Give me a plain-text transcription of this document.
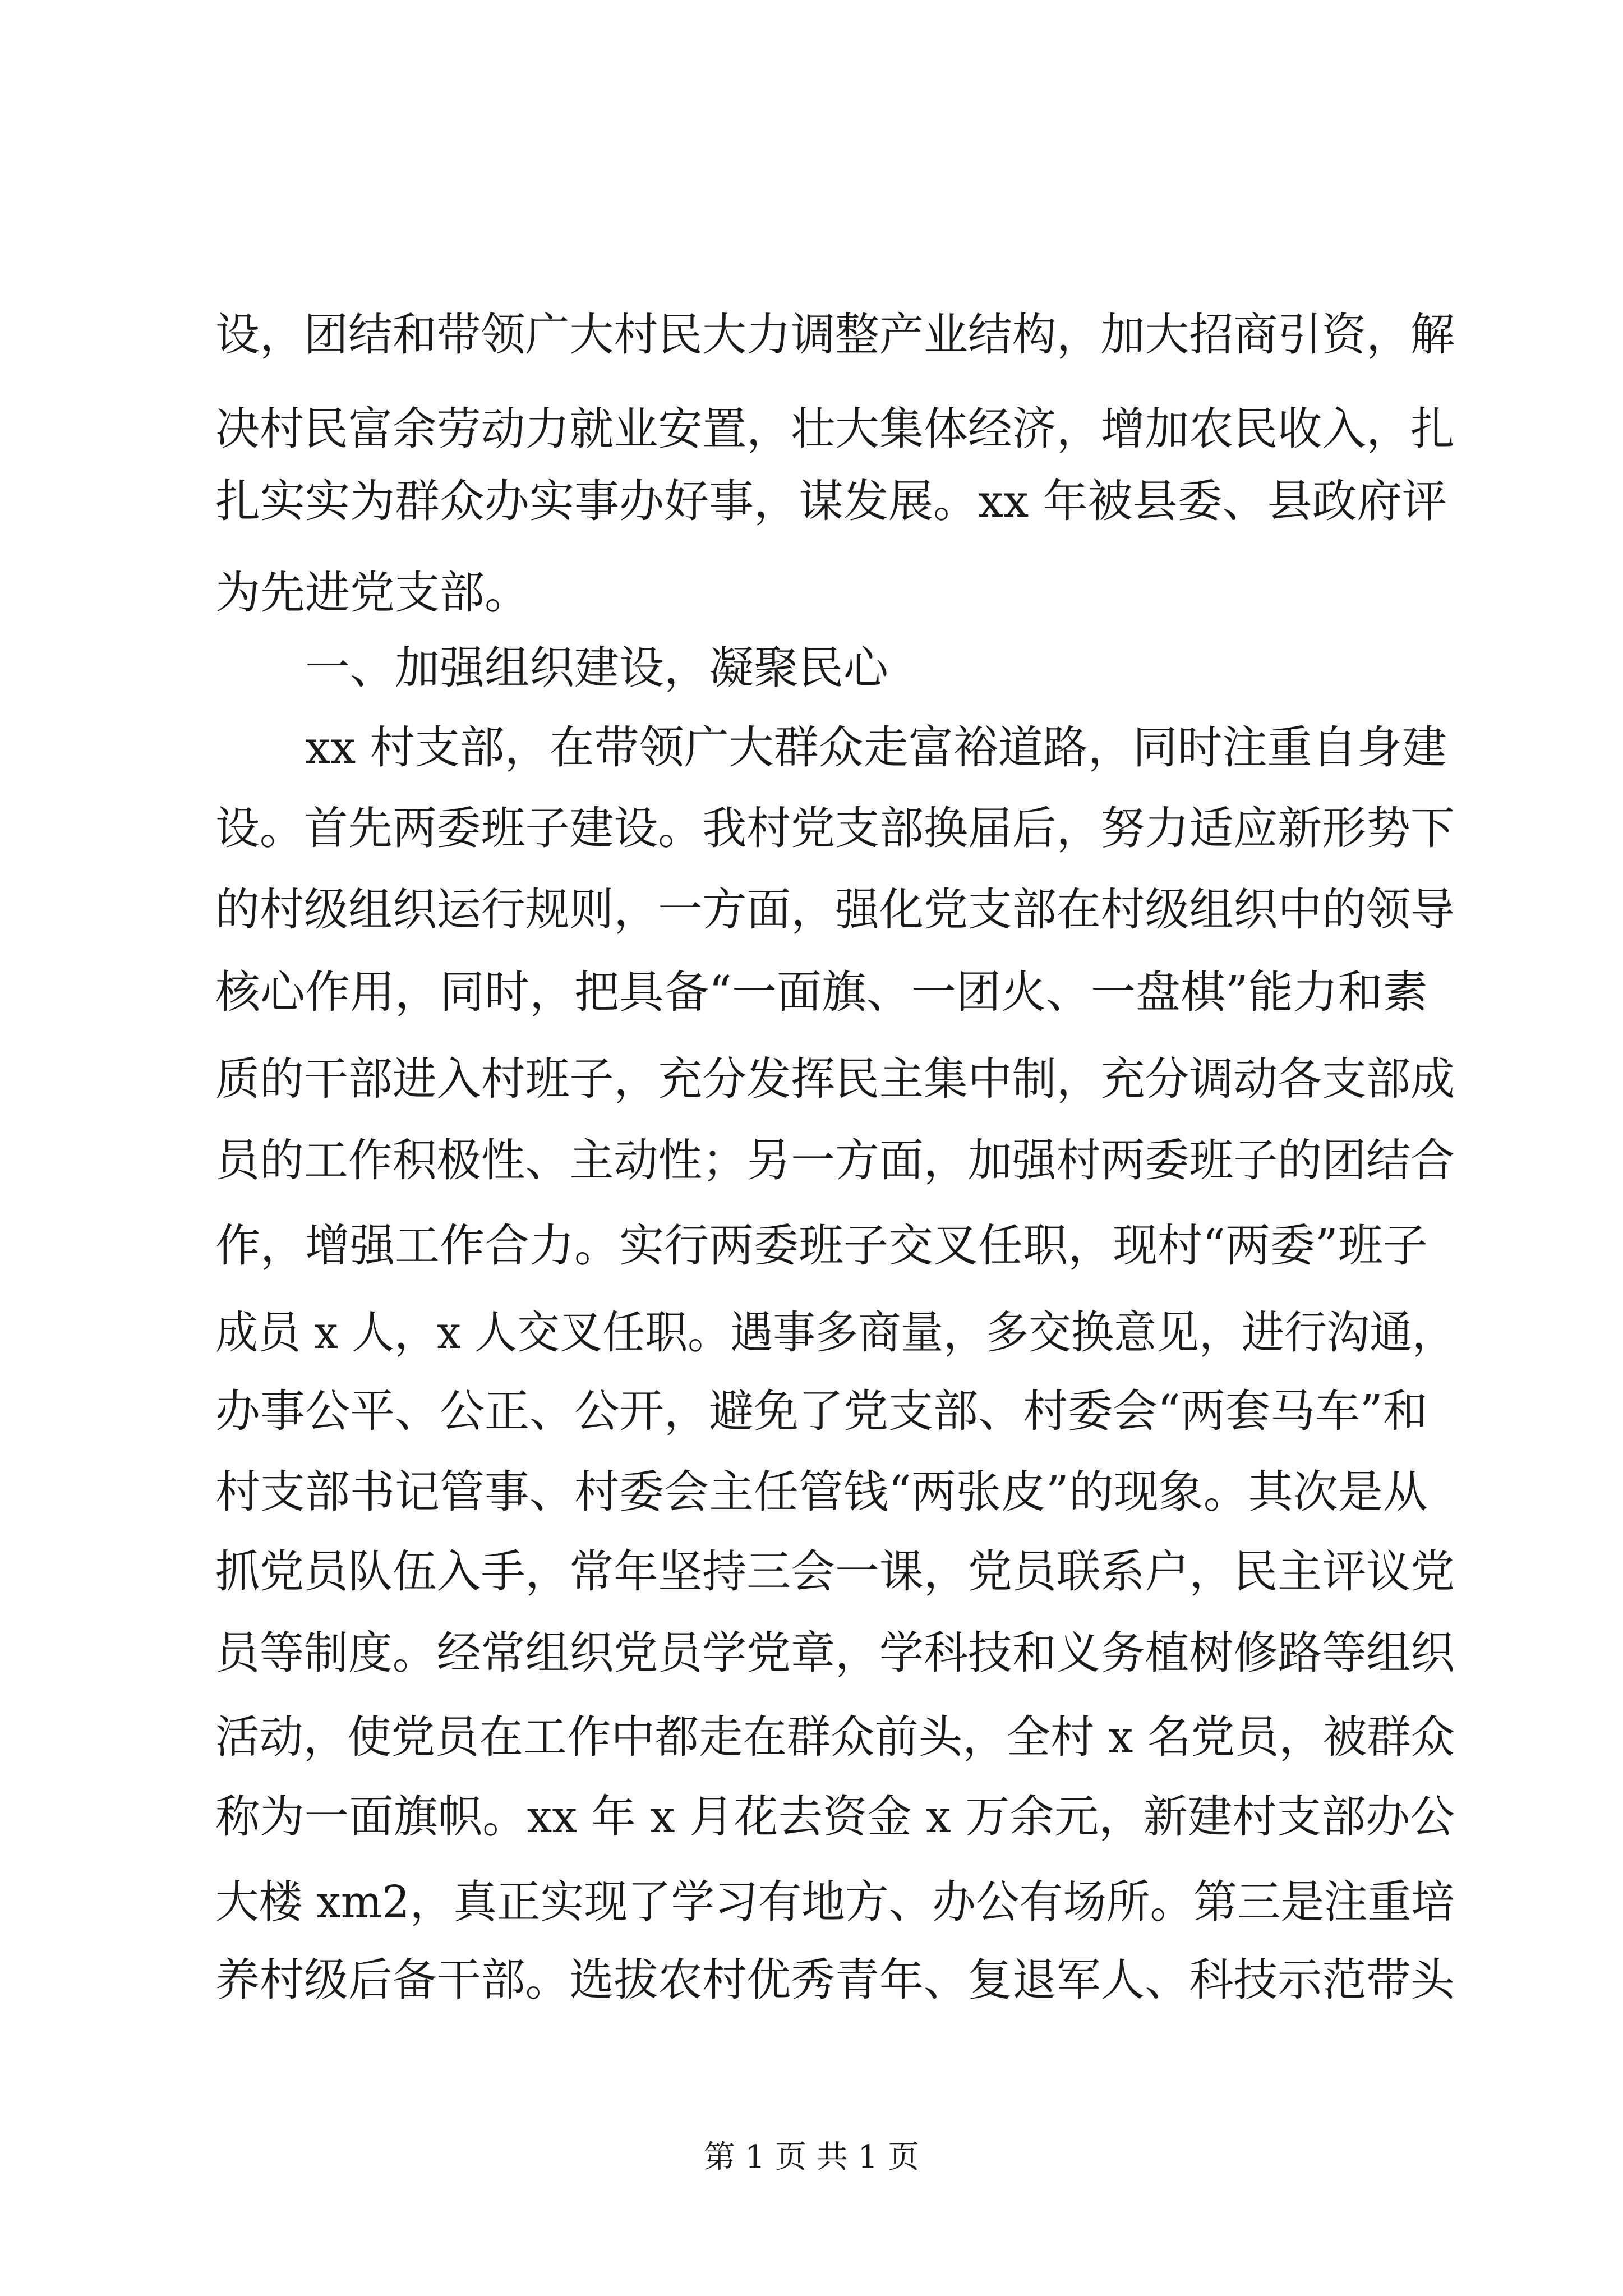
设，团结和带领广大村民大力调整产业结构，加大招商引资，解
决村民富余劳动力就业安置，壮大集体经济，增加农民收入，扎
扎实实为群众办实事办好事，谋发展。xx 年被县委、县政府评
为先进党支部。
一、加强组织建设，凝聚民心
xx 村支部，在带领广大群众走富裕道路，同时注重自身建
设。首先两委班子建设。我村党支部换届后，努力适应新形势下
的村级组织运行规则，一方面，强化党支部在村级组织中的领导
核心作用，同时，把具备“一面旗、一团火、一盘棋”能力和素
质的干部进入村班子，充分发挥民主集中制，充分调动各支部成
员的工作积极性、主动性；另一方面，加强村两委班子的团结合
作，增强工作合力。实行两委班子交叉任职，现村“两委”班子
成员 x 人，x 人交叉任职。遇事多商量，多交换意见，进行沟通，
办事公平、公正、公开，避免了党支部、村委会“两套马车”和
村支部书记管事、村委会主任管钱“两张皮”的现象。其次是从
抓党员队伍入手，常年坚持三会一课，党员联系户，民主评议党
员等制度。经常组织党员学党章，学科技和义务植树修路等组织
活动，使党员在工作中都走在群众前头，全村 x 名党员，被群众
称为一面旗帜。xx 年 x 月花去资金 x 万余元，新建村支部办公
大楼 xm2，真正实现了学习有地方、办公有场所。第三是注重培
养村级后备干部。选拔农村优秀青年、复退军人、科技示范带头
第 1 页 共 1 页
